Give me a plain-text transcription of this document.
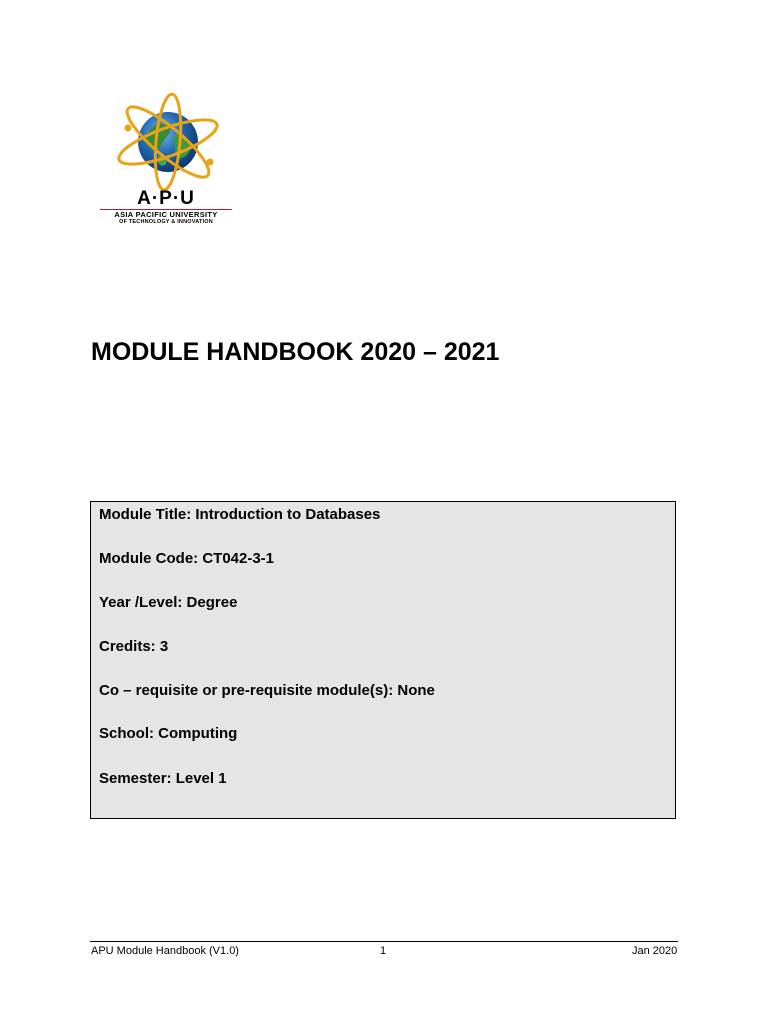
A·P·U
ASIA PACIFIC UNIVERSITY
OF TECHNOLOGY & INNOVATION
MODULE HANDBOOK 2020 – 2021
Module Title: Introduction to Databases
Module Code: CT042-3-1
Year /Level: Degree
Credits: 3
Co – requisite or pre-requisite module(s): None
School: Computing
Semester: Level 1
APU Module Handbook (V1.0)	1	Jan 2020
